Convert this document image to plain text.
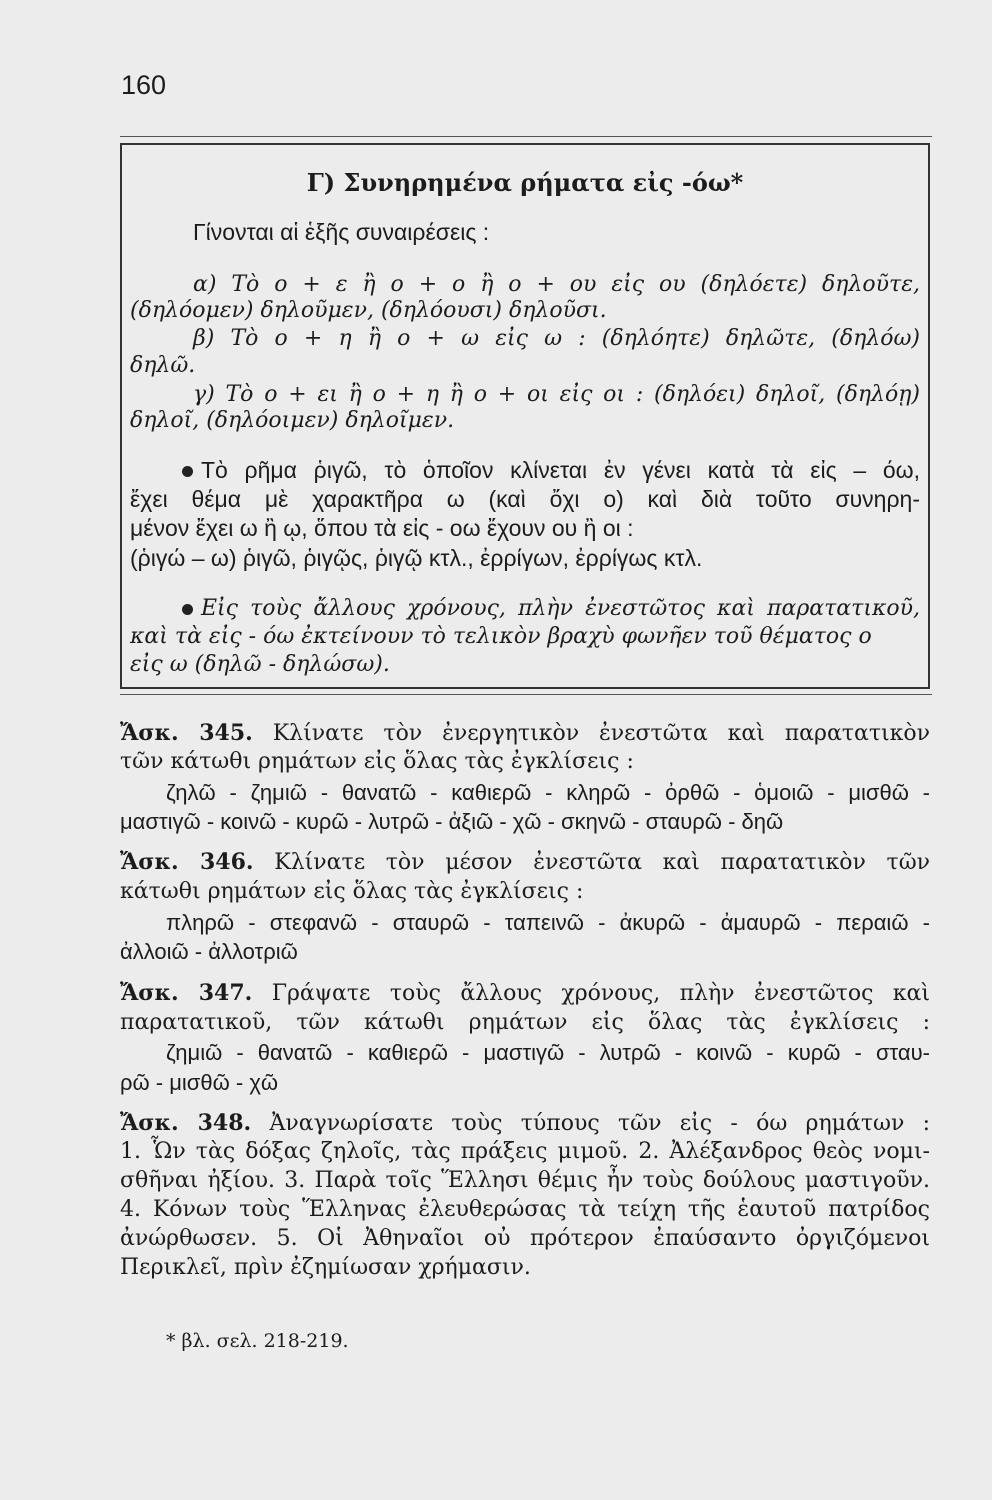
160
Γ) Συνηρημένα ρήματα εἰς -όω*
Γίνονται αἱ ἑξῆς συναιρέσεις :
α) Τὸ ο + ε ἢ ο + ο ἢ ο + ου εἰς ου (δηλόετε) δηλοῦτε,
(δηλόομεν) δηλοῦμεν, (δηλόουσι) δηλοῦσι.
β) Τὸ ο + η ἢ ο + ω εἰς ω : (δηλόητε) δηλῶτε, (δηλόω)
δηλῶ.
γ) Τὸ ο + ει ἢ ο + η ἢ ο + οι εἰς οι : (δηλόει) δηλοῖ, (δηλόῃ)
δηλοῖ, (δηλόοιμεν) δηλοῖμεν.
Τὸ ρῆμα ῥιγῶ, τὸ ὁποῖον κλίνεται ἐν γένει κατὰ τὰ εἰς – όω,
ἔχει θέμα μὲ χαρακτῆρα ω (καὶ ὄχι ο) καὶ διὰ τοῦτο συνηρη-
μένον ἔχει ω ἢ ῳ, ὅπου τὰ εἰς - οω ἔχουν ου ἢ οι :
(ῥιγώ – ω) ῥιγῶ, ῥιγῷς, ῥιγῷ κτλ., ἐρρίγων, ἐρρίγως κτλ.
Εἰς τοὺς ἄλλους χρόνους, πλὴν ἐνεστῶτος καὶ παρατατικοῦ,
καὶ τὰ εἰς - όω ἐκτείνουν τὸ τελικὸν βραχὺ φωνῆεν τοῦ θέματος ο
εἰς ω (δηλῶ - δηλώσω).
Ἄσκ. 345. Κλίνατε τὸν ἐνεργητικὸν ἐνεστῶτα καὶ παρατατικὸν
τῶν κάτωθι ρημάτων εἰς ὅλας τὰς ἐγκλίσεις :
ζηλῶ - ζημιῶ - θανατῶ - καθιερῶ - κληρῶ - ὀρθῶ - ὁμοιῶ - μισθῶ -
μαστιγῶ - κοινῶ - κυρῶ - λυτρῶ - ἀξιῶ - χῶ - σκηνῶ - σταυρῶ - δηῶ
Ἄσκ. 346. Κλίνατε τὸν μέσον ἐνεστῶτα καὶ παρατατικὸν τῶν
κάτωθι ρημάτων εἰς ὅλας τὰς ἐγκλίσεις :
πληρῶ - στεφανῶ - σταυρῶ - ταπεινῶ - ἀκυρῶ - ἀμαυρῶ - περαιῶ -
ἀλλοιῶ - ἀλλοτριῶ
Ἄσκ. 347. Γράψατε τοὺς ἄλλους χρόνους, πλὴν ἐνεστῶτος καὶ
παρατατικοῦ, τῶν κάτωθι ρημάτων εἰς ὅλας τὰς ἐγκλίσεις :
ζημιῶ - θανατῶ - καθιερῶ - μαστιγῶ - λυτρῶ - κοινῶ - κυρῶ - σταυ-
ρῶ - μισθῶ - χῶ
Ἄσκ. 348. Ἀναγνωρίσατε τοὺς τύπους τῶν εἰς - όω ρημάτων :
1. Ὧν τὰς δόξας ζηλοῖς, τὰς πράξεις μιμοῦ. 2. Ἀλέξανδρος θεὸς νομι-
σθῆναι ἠξίου. 3. Παρὰ τοῖς Ἕλλησι θέμις ἦν τοὺς δούλους μαστιγοῦν.
4. Κόνων τοὺς Ἕλληνας ἐλευθερώσας τὰ τείχη τῆς ἑαυτοῦ πατρίδος
ἀνώρθωσεν. 5. Οἱ Ἀθηναῖοι οὐ πρότερον ἐπαύσαντο ὀργιζόμενοι
Περικλεῖ, πρὶν ἐζημίωσαν χρήμασιν.
* βλ. σελ. 218-219.
